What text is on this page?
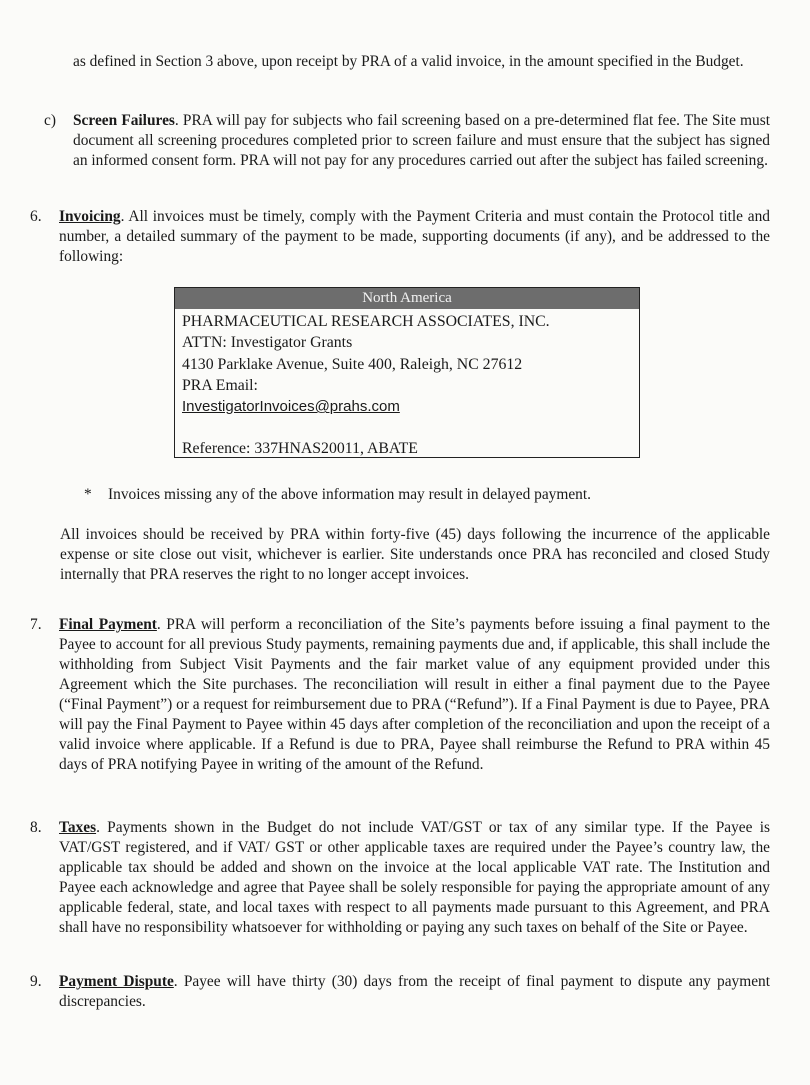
as defined in Section 3 above, upon receipt by PRA of a valid invoice, in the amount specified in the Budget.

c) Screen Failures. PRA will pay for subjects who fail screening based on a pre-determined flat fee. The Site must document all screening procedures completed prior to screen failure and must ensure that the subject has signed an informed consent form. PRA will not pay for any procedures carried out after the subject has failed screening.

6. Invoicing. All invoices must be timely, comply with the Payment Criteria and must contain the Protocol title and number, a detailed summary of the payment to be made, supporting documents (if any), and be addressed to the following:

North America
PHARMACEUTICAL RESEARCH ASSOCIATES, INC.
ATTN: Investigator Grants
4130 Parklake Avenue, Suite 400, Raleigh, NC 27612
PRA Email:
InvestigatorInvoices@prahs.com
Reference: 337HNAS20011, ABATE
* Invoices missing any of the above information may result in delayed payment.

All invoices should be received by PRA within forty-five (45) days following the incurrence of the applicable expense or site close out visit, whichever is earlier. Site understands once PRA has reconciled and closed Study internally that PRA reserves the right to no longer accept invoices.

7. Final Payment. PRA will perform a reconciliation of the Site’s payments before issuing a final payment to the Payee to account for all previous Study payments, remaining payments due and, if applicable, this shall include the withholding from Subject Visit Payments and the fair market value of any equipment provided under this Agreement which the Site purchases. The reconciliation will result in either a final payment due to the Payee (“Final Payment”) or a request for reimbursement due to PRA (“Refund”). If a Final Payment is due to Payee, PRA will pay the Final Payment to Payee within 45 days after completion of the reconciliation and upon the receipt of a valid invoice where applicable. If a Refund is due to PRA, Payee shall reimburse the Refund to PRA within 45 days of PRA notifying Payee in writing of the amount of the Refund.

8. Taxes. Payments shown in the Budget do not include VAT/GST or tax of any similar type. If the Payee is VAT/GST registered, and if VAT/ GST or other applicable taxes are required under the Payee’s country law, the applicable tax should be added and shown on the invoice at the local applicable VAT rate. The Institution and Payee each acknowledge and agree that Payee shall be solely responsible for paying the appropriate amount of any applicable federal, state, and local taxes with respect to all payments made pursuant to this Agreement, and PRA shall have no responsibility whatsoever for withholding or paying any such taxes on behalf of the Site or Payee.

9. Payment Dispute. Payee will have thirty (30) days from the receipt of final payment to dispute any payment discrepancies.
